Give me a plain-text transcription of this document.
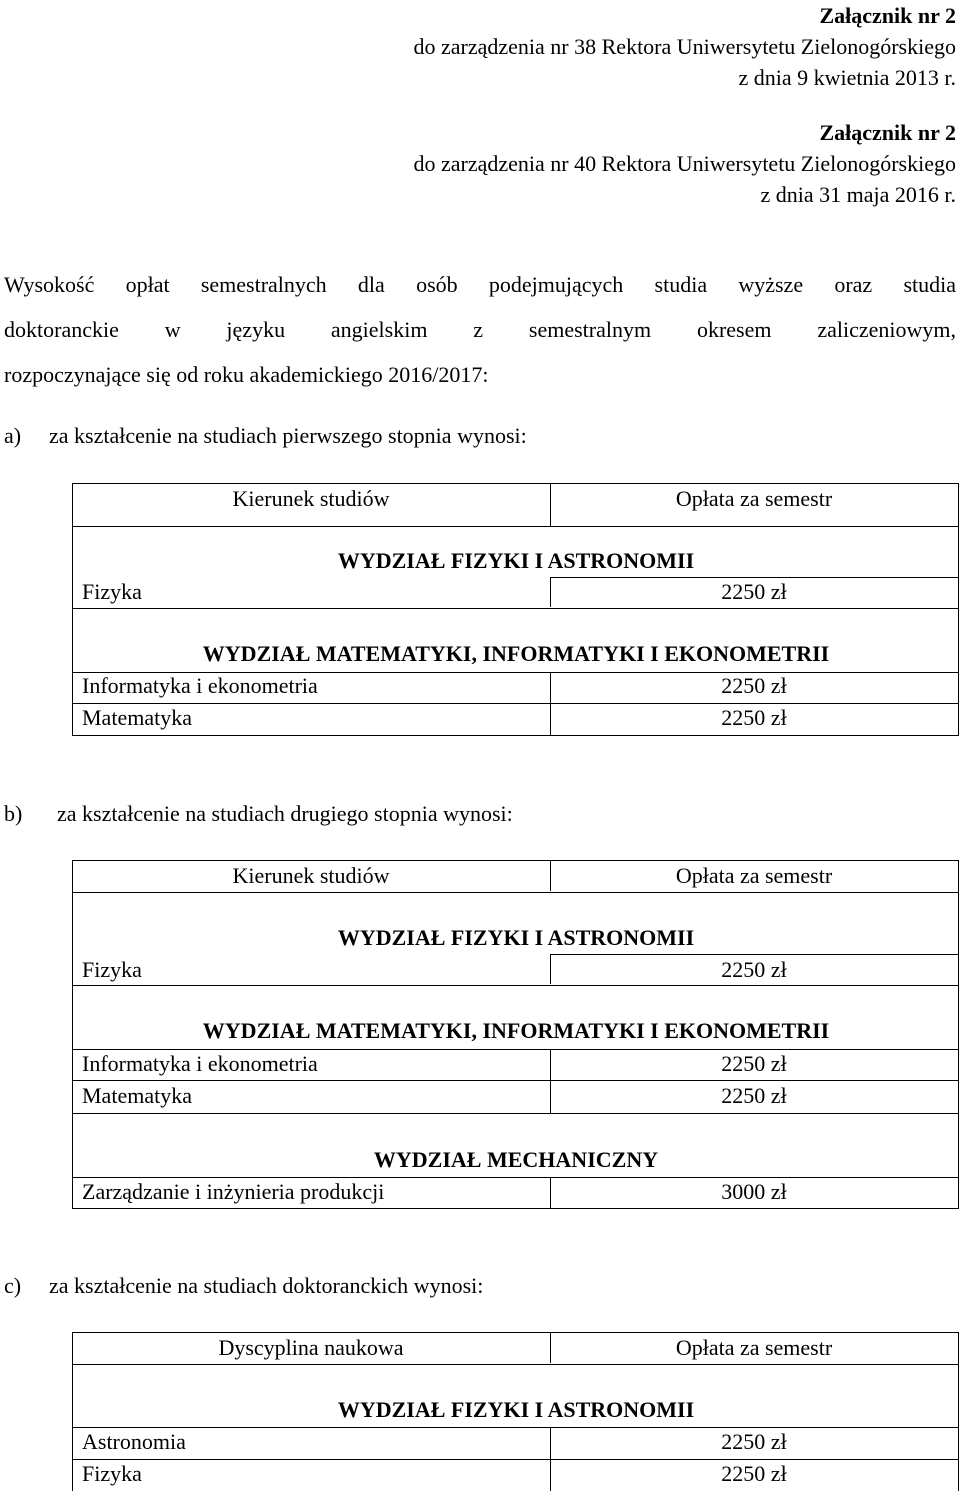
Załącznik nr 2
do zarządzenia nr 38 Rektora Uniwersytetu Zielonogórskiego
z dnia 9 kwietnia 2013 r.
Załącznik nr 2
do zarządzenia nr 40 Rektora Uniwersytetu Zielonogórskiego
z dnia 31 maja 2016 r.
Wysokość opłat semestralnych dla osób podejmujących studia wyższe oraz studia
doktoranckie w języku angielskim z semestralnym okresem zaliczeniowym,
rozpoczynające się od roku akademickiego 2016/2017:
a) za kształcenie na studiach pierwszego stopnia wynosi:
Kierunek studiów	Opłata za semestr
WYDZIAŁ FIZYKI I ASTRONOMII
Fizyka	2250 zł
WYDZIAŁ MATEMATYKI, INFORMATYKI I EKONOMETRII
Informatyka i ekonometria	2250 zł
Matematyka	2250 zł
b) za kształcenie na studiach drugiego stopnia wynosi:
Kierunek studiów	Opłata za semestr
WYDZIAŁ FIZYKI I ASTRONOMII
Fizyka	2250 zł
WYDZIAŁ MATEMATYKI, INFORMATYKI I EKONOMETRII
Informatyka i ekonometria	2250 zł
Matematyka	2250 zł
WYDZIAŁ MECHANICZNY
Zarządzanie i inżynieria produkcji	3000 zł
c) za kształcenie na studiach doktoranckich wynosi:
Dyscyplina naukowa	Opłata za semestr
WYDZIAŁ FIZYKI I ASTRONOMII
Astronomia	2250 zł
Fizyka	2250 zł
